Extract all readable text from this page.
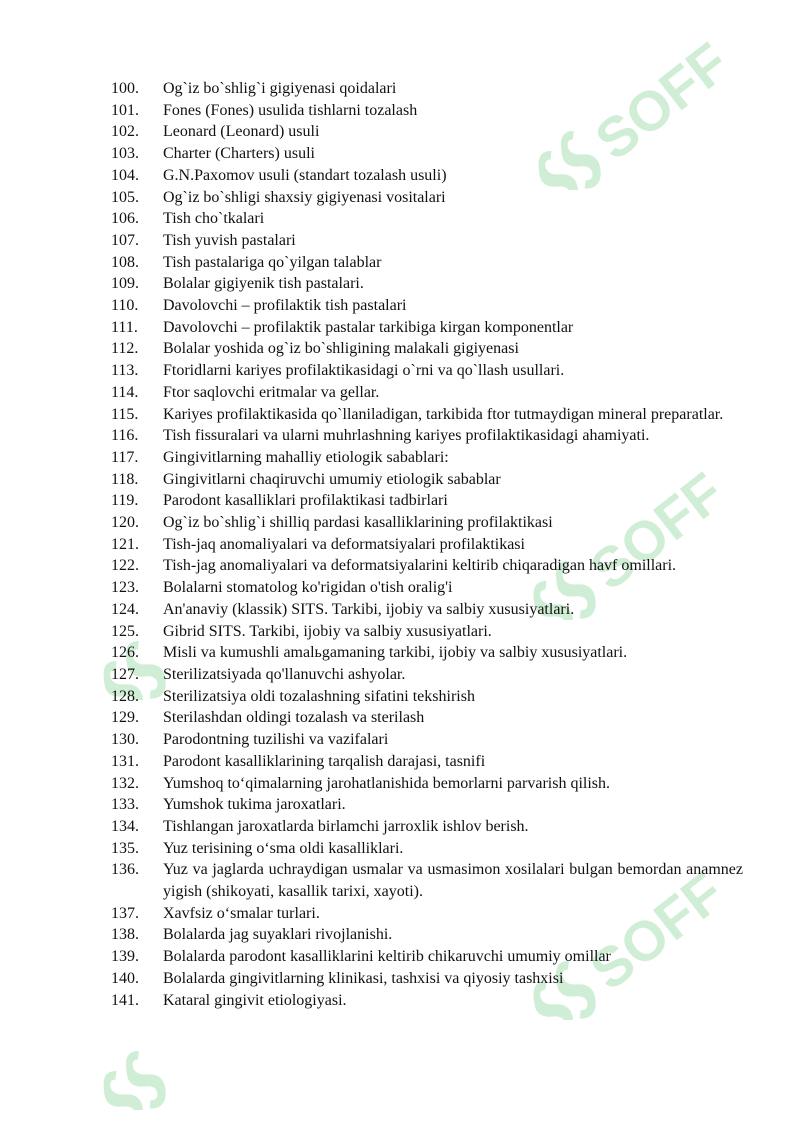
SOFF
SOFF
SOFF
100.	Og`iz bo`shlig`i gigiyenasi qoidalari
101.	Fones (Fones) usulida tishlarni tozalash
102.	Leonard (Leonard) usuli
103.	Charter (Charters) usuli
104.	G.N.Paxomov usuli (standart tozalash usuli)
105.	Og`iz bo`shligi shaxsiy gigiyenasi vositalari
106.	Tish cho`tkalari
107.	Tish yuvish pastalari
108.	Tish pastalariga qo`yilgan talablar
109.	Bolalar gigiyenik tish pastalari.
110.	Davolovchi – profilaktik tish pastalari
111.	Davolovchi – profilaktik pastalar tarkibiga kirgan komponentlar
112.	Bolalar yoshida og`iz bo`shligining malakali gigiyenasi
113.	Ftoridlarni kariyes profilaktikasidagi o`rni va qo`llash usullari.
114.	Ftor saqlovchi eritmalar va gellar.
115.	Kariyes profilaktikasida qo`llaniladigan, tarkibida ftor tutmaydigan mineral preparatlar.
116.	Tish fissuralari va ularni muhrlashning kariyes profilaktikasidagi ahamiyati.
117.	Gingivitlarning mahalliy etiologik sabablari:
118.	Gingivitlarni chaqiruvchi umumiy etiologik sabablar
119.	Parodont kasalliklari profilaktikasi tadbirlari
120.	Og`iz bo`shlig`i shilliq pardasi kasalliklarining profilaktikasi
121.	Tish-jaq anomaliyalari va deformatsiyalari profilaktikasi
122.	Tish-jag anomaliyalari va deformatsiyalarini keltirib chiqaradigan havf omillari.
123.	Bolalarni stomatolog ko'rigidan o'tish oralig'i
124.	An'anaviy (klassik) SITS. Tarkibi, ijobiy va salbiy xususiyatlari.
125.	Gibrid SITS. Tarkibi, ijobiy va salbiy xususiyatlari.
126.	Misli va kumushli amalьgamaning tarkibi, ijobiy va salbiy xususiyatlari.
127.	Sterilizatsiyada qo'llanuvchi ashyolar.
128.	Sterilizatsiya oldi tozalashning sifatini tekshirish
129.	Sterilashdan oldingi tozalash va sterilash
130.	Parodontning tuzilishi va vazifalari
131.	Parodont kasalliklarining tarqalish darajasi, tasnifi
132.	Yumshoq to‘qimalarning jarohatlanishida bemorlarni parvarish qilish.
133.	Yumshok tukima jaroxatlari.
134.	Tishlangan jaroxatlarda birlamchi jarroxlik ishlov berish.
135.	Yuz terisining o‘sma oldi kasalliklari.
136.	Yuz va jaglarda uchraydigan usmalar va usmasimon xosilalari bulgan bemordan anamnez yigish (shikoyati, kasallik tarixi, xayoti).
137.	Xavfsiz o‘smalar turlari.
138.	Bolalarda jag suyaklari rivojlanishi.
139.	Bolalarda parodont kasalliklarini keltirib chikaruvchi umumiy omillar
140.	Bolalarda gingivitlarning klinikasi, tashxisi va qiyosiy tashxisi
141.	Kataral gingivit etiologiyasi.
